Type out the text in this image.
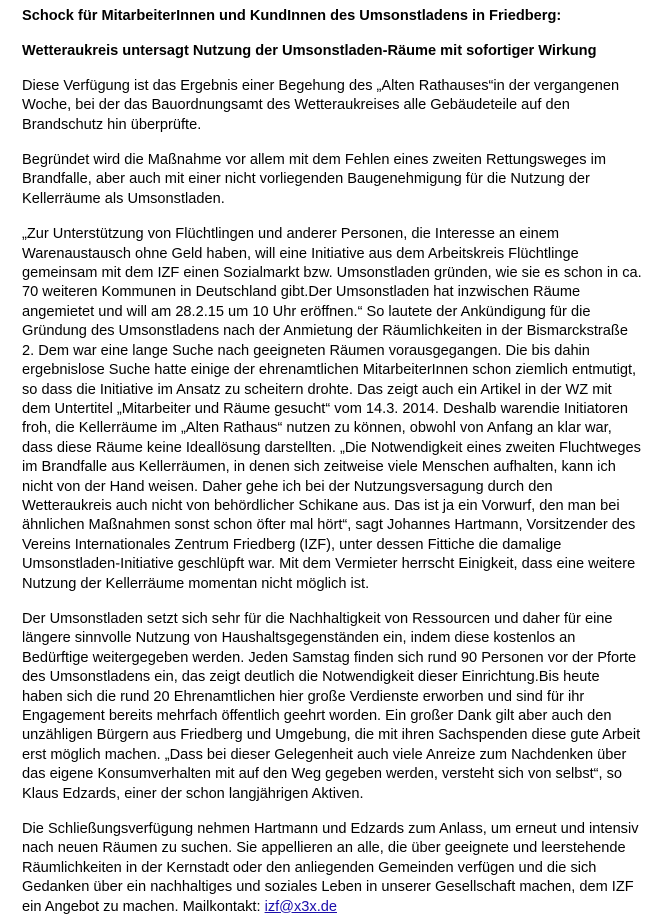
Schock für MitarbeiterInnen und KundInnen des Umsonstladens in Friedberg:
Wetteraukreis untersagt Nutzung der Umsonstladen-Räume mit sofortiger Wirkung

Diese Verfügung ist das Ergebnis einer Begehung des „Alten Rathauses“in der vergangenen Woche, bei der das Bauordnungsamt des Wetteraukreises alle Gebäudeteile auf den Brandschutz hin überprüfte.

Begründet wird die Maßnahme vor allem mit dem Fehlen eines zweiten Rettungsweges im Brandfalle, aber auch mit einer nicht vorliegenden Baugenehmigung für die Nutzung der Kellerräume als Umsonstladen.

„Zur Unterstützung von Flüchtlingen und anderer Personen, die Interesse an einem Warenaustausch ohne Geld haben, will eine Initiative aus dem Arbeitskreis Flüchtlinge gemeinsam mit dem IZF einen Sozialmarkt bzw. Umsonstladen gründen, wie sie es schon in ca. 70 weiteren Kommunen in Deutschland gibt.Der Umsonstladen hat inzwischen Räume angemietet und will am 28.2.15 um 10 Uhr eröffnen.“ So lautete der Ankündigung für die Gründung des Umsonstladens nach der Anmietung der Räumlichkeiten in der Bismarckstraße 2. Dem war eine lange Suche nach geeigneten Räumen vorausgegangen. Die bis dahin ergebnislose Suche hatte einige der ehrenamtlichen MitarbeiterInnen schon ziemlich entmutigt, so dass die Initiative im Ansatz zu scheitern drohte. Das zeigt auch ein Artikel in der WZ mit dem Untertitel „Mitarbeiter und Räume gesucht“ vom 14.3. 2014. Deshalb warendie Initiatoren froh, die Kellerräume im „Alten Rathaus“ nutzen zu können, obwohl von Anfang an klar war, dass diese Räume keine Ideallösung darstellten. „Die Notwendigkeit eines zweiten Fluchtweges im Brandfalle aus Kellerräumen, in denen sich zeitweise viele Menschen aufhalten, kann ich nicht von der Hand weisen. Daher gehe ich bei der Nutzungsversagung durch den Wetteraukreis auch nicht von behördlicher Schikane aus. Das ist ja ein Vorwurf, den man bei ähnlichen Maßnahmen sonst schon öfter mal hört“, sagt Johannes Hartmann, Vorsitzender des Vereins Internationales Zentrum Friedberg (IZF), unter dessen Fittiche die damalige Umsonstladen-Initiative geschlüpft war. Mit dem Vermieter herrscht Einigkeit, dass eine weitere Nutzung der Kellerräume momentan nicht möglich ist.

Der Umsonstladen setzt sich sehr für die Nachhaltigkeit von Ressourcen und daher für eine längere sinnvolle Nutzung von Haushaltsgegenständen ein, indem diese kostenlos an Bedürftige weitergegeben werden. Jeden Samstag finden sich rund 90 Personen vor der Pforte des Umsonstladens ein, das zeigt deutlich die Notwendigkeit dieser Einrichtung.Bis heute haben sich die rund 20 Ehrenamtlichen hier große Verdienste erworben und sind für ihr Engagement bereits mehrfach öffentlich geehrt worden. Ein großer Dank gilt aber auch den unzähligen Bürgern aus Friedberg und Umgebung, die mit ihren Sachspenden diese gute Arbeit erst möglich machen. „Dass bei dieser Gelegenheit auch viele Anreize zum Nachdenken über das eigene Konsumverhalten mit auf den Weg gegeben werden, versteht sich von selbst“, so Klaus Edzards, einer der schon langjährigen Aktiven.

Die Schließungsverfügung nehmen Hartmann und Edzards zum Anlass, um erneut und intensiv nach neuen Räumen zu suchen. Sie appellieren an alle, die über geeignete und leerstehende Räumlichkeiten in der Kernstadt oder den anliegenden Gemeinden verfügen und die sich Gedanken über ein nachhaltiges und soziales Leben in unserer Gesellschaft machen, dem IZF ein Angebot zu machen. Mailkontakt: izf@x3x.de
